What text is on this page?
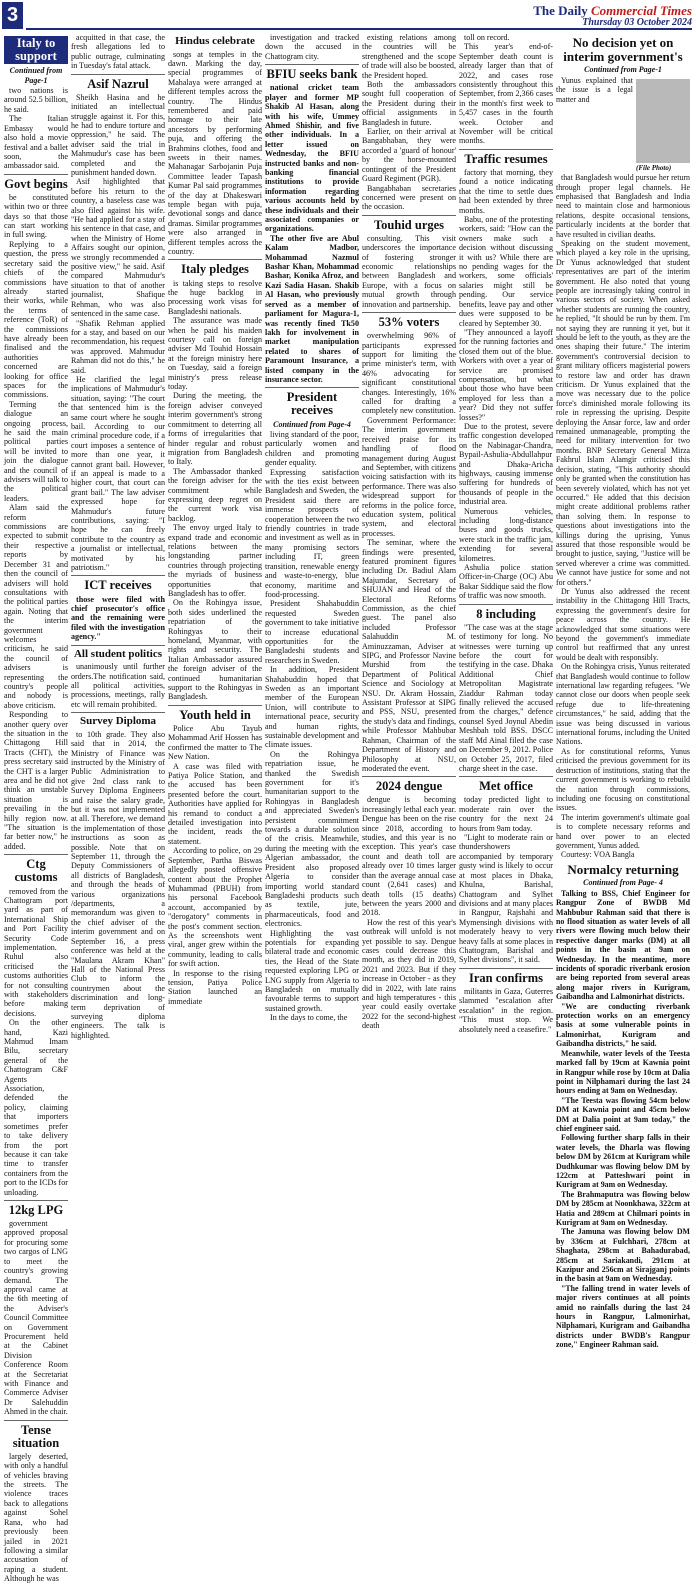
3	The Daily Commercial Times
Thursday 03 October 2024
Italy to support
Continued from Page-1

two nations is around 52.5 billion, he said.

The Italian Embassy would also hold a movie festival and a ballet soon, the ambassador said.

Govt begins

be constituted within two or three days so that those can start working in full swing.

Replying to a question, the press secretary said the chiefs of the commissions have already started their works, while the terms of reference (ToR) of the commissions have already been finalised and the authorities concerned are looking for office spaces for the commissions.

Terming the dialogue an ongoing process, he said the main political parties will be invited to join the dialogue and the council of advisers will talk to the political leaders.

Alam said the reform commissions are expected to submit their respective reports by December 31 and then the council of advisers will hold consultations with the political parties again. Noting that the interim government welcomes criticism, he said the council of advisers is representing the country's people and nobody is above criticism.

Responding to another query over the situation in the Chittagong Hill Tracts (CHT), the press secretary said the CHT is a larger area and he did not think an unstable situation is prevailing in the hilly region now. "The situation is far better now," he added.

Ctg customs

removed from the Chattogram port yard as part of International Ship and Port Facility Security Code implementation. Ruhul also criticised the customs authorities for not consulting with stakeholders before making decisions.

On the other hand, Kazi Mahmud Imam Bilu, secretary general of the Chattogram C&F Agents Association, defended the policy, claiming that importers sometimes prefer to take delivery from the port because it can take time to transfer containers from the port to the ICDs for unloading.

12kg LPG

government approved proposal for procuring some two cargos of LNG to meet the country's growing demand. The approval came at the 6th meeting of the Adviser's Council Committee on Government Procurement held at the Cabinet Division Conference Room at the Secretariat with Finance and Commerce Adviser Dr Salehuddin Ahmed in the chair.

Tense situation

largely deserted, with only a handful of vehicles braving the streets. The violence traces back to allegations against Sohel Rana, who had previously been jailed in 2021 following a similar accusation of raping a student. Although he was

acquitted in that case, the fresh allegations led to public outrage, culminating in Tuesday's fatal attack.

Asif Nazrul

Sheikh Hasina and he initiated an intellectual struggle against it. For this, he had to endure torture and oppression," he said. The adviser said the trial in Mahmudur's case has been completed and the punishment handed down.

Asif highlighted that before his return to the country, a baseless case was also filed against his wife. "He had applied for a stay of his sentence in that case, and when the Ministry of Home Affairs sought our opinion, we strongly recommended a positive view," he said. Asif compared Mahmudur's situation to that of another journalist, Shafique Rehman, who was also sentenced in the same case.

"Shafik Rehman applied for a stay, and based on our recommendation, his request was approved. Mahmudur Rahman did not do this," he said.

He clarified the legal implications of Mahmudur's situation, saying: "The court that sentenced him is the same court where he sought bail. According to our criminal procedure code, if a court imposes a sentence of more than one year, it cannot grant bail. However, if an appeal is made to a higher court, that court can grant bail." The law adviser expressed hope for Mahmudur's future contributions, saying: "I hope he can freely contribute to the country as a journalist or intellectual, motivated by his patriotism."

ICT receives

those were filed with chief prosecutor's office and the remaining were filed with the investigation agency."

All student politics

unanimously until further orders.The notification said, all political activities, processions, meetings, rally etc will remain prohibited.

Survey Diploma

to 10th grade. They also said that in 2014, the Ministry of Finance was instructed by the Ministry of Public Administration to give 2nd class rank to Survey Diploma Engineers and raise the salary grade, but it was not implemented at all. Therefore, we demand the implementation of those instructions as soon as possible. Note that on September 11, through the Deputy Commissioners of all districts of Bangladesh, and through the heads of various organizations /departments, a memorandum was given to the chief adviser of the interim government and on September 16, a press conference was held at the "Maulana Akram Khan" Hall of the National Press Club to inform the countrymen about the discrimination and long-term deprivation of surveying diploma engineers. The talk is highlighted.

Hindus celebrate

songs at temples in the dawn. Marking the day, special programmes of Mahalaya were arranged at different temples across the country. The Hindus remembered and paid homage to their late ancestors by performing puja, and offering the Brahmins clothes, food and sweets in their names. Mahanagar Sarbojanin Puja Committee leader Tapash Kumar Pal said programmes of the day at Dhakeswari temple began with puja, devotional songs and dance dramas. Similar programmes were also arranged in different temples across the country.

Italy pledges

is taking steps to resolve the huge backlog in processing work visas for Bangladeshi nationals.

The assurance was made when he paid his maiden courtesy call on foreign adviser Md Touhid Hossain at the foreign ministry here on Tuesday, said a foreign ministry's press release today.

During the meeting, the foreign adviser conveyed interim government's strong commitment to deterring all forms of irregularities that hinder regular and robust migration from Bangladesh to Italy.

The Ambassador thanked the foreign adviser for the commitment while expressing deep regret on the current work visa backlog.

The envoy urged Italy to expand trade and economic relations between the longstanding partner countries through projecting the myriads of business opportunities that Bangladesh has to offer.

On the Rohingya issue, both sides underlined the repatriation of the Rohingyas to their homeland, Myanmar, with rights and security. The Italian Ambassador assured the foreign adviser of the continued humanitarian support to the Rohingyas in Bangladesh.

Youth held in

Police Abu Tayub Mohammad Arif Hossen has confirmed the matter to The New Nation.

A case was filed with Patiya Police Station, and the accused has been presented before the court. Authorities have applied for his remand to conduct a detailed investigation into the incident, reads the statement.

According to police, on 29 September, Partha Biswas allegedly posted offensive content about the Prophet Muhammad (PBUH) from his personal Facebook account, accompanied by "derogatory" comments in the post's comment section. As the screenshots went viral, anger grew within the community, leading to calls for swift action.

In response to the rising tension, Patiya Police Station launched an immediate

investigation and tracked down the accused in Chattogram city.

BFIU seeks bank

national cricket team player and former MP Shakib Al Hasan, along with his wife, Ummey Ahmed Shishir, and five other individuals. In a letter issued on Wednesday, the BFIU instructed banks and non-banking financial institutions to provide information regarding various accounts held by these individuals and their associated companies or organizations.

The other five are Abul Kalam Madbor, Mohammad Nazmul Bashar Khan, Mohammad Bashar, Konika Afroz, and Kazi Sadia Hasan. Shakib Al Hasan, who previously served as a member of parliament for Magura-1, was recently fined Tk50 lakh for involvement in market manipulation related to shares of Paramount Insurance, a listed company in the insurance sector.

President receives
Continued from Page-4

living standard of the poor, particularly women and children and promoting gender equality.

Expressing satisfaction with the ties exist between Bangladesh and Sweden, the President said there are immense prospects of cooperation between the two friendly countries in trade and investment as well as in many promising sectors including IT, green transition, renewable energy and waste-to-energy, blue economy, maritime and food-processing.

President Shahabuddin requested Sweden government to take initiative to increase educational opportunities for the Bangladeshi students and researchers in Sweden.

In addition, President Shahabuddin hoped that Sweden as an important member of the European Union, will contribute to international peace, security and human rights, sustainable development and climate issues.

On the Rohingya repatriation issue, he thanked the Swedish government for it's humanitarian support to the Rohingyas in Bangladesh and appreciated Sweden's persistent commitment towards a durable solution of the crisis. Meanwhile, during the meeting with the Algerian ambassador, the President also proposed Algeria to consider importing world standard Bangladeshi products such as textile, jute, pharmaceuticals, food and electronics.

Highlighting the vast potentials for expanding bilateral trade and economic ties, the Head of the State requested exploring LPG or LNG supply from Algeria to Bangladesh on mutually favourable terms to support sustained growth.

In the days to come, the

existing relations among the countries will be strengthened and the scope of trade will also be boosted, the President hoped.

Both the ambassadors sought full cooperation of the President during their official assignments in Bangladesh in future.

Earlier, on their arrival at Bangabhaban, they were accorded a 'guard of honour' by the horse-mounted contingent of the President Guard Regiment (PGR).

Bangabhaban secretaries concerned were present on the occasion.

Touhid urges

consulting. This visit underscores the importance of fostering stronger economic relationships between Bangladesh and Europe, with a focus on mutual growth through innovation and partnership.

53% voters

overwhelming 96% of participants expressed support for limiting the prime minister's term, with 46% advocating for significant constitutional changes. Interestingly, 16% called for drafting a completely new constitution.

Government Performance: The interim government received praise for its handling of flood management during August and September, with citizens voicing satisfaction with its performance. There was also widespread support for reforms in the police force, education system, political system, and electoral processes.

The seminar, where the findings were presented, featured prominent figures including Dr. Badiul Alam Majumdar, Secretary of SHUJAN and Head of the Electoral Reforms Commission, as the chief guest. The panel also included Professor Salahuddin M. Aminuzzaman, Adviser at SIPG, and Professor Navine Murshid from the Department of Political Science and Sociology at NSU. Dr. Akram Hossain, Assistant Professor at SIPG and PSS, NSU, presented the study's data and findings, while Professor Mahbubar Rahman, Chairman of the Department of History and Philosophy at NSU, moderated the event.

2024 dengue

dengue is becoming increasingly lethal each year. Dengue has been on the rise since 2018, according to studies, and this year is no exception. This year's case count and death toll are already over 10 times larger than the average annual case count (2,641 cases) and death tolls (15 deaths) between the years 2000 and 2018.

How the rest of this year's outbreak will unfold is not yet possible to say. Dengue cases could decrease this month, as they did in 2019, 2021 and 2023. But if they increase in October - as they did in 2022, with late rains and high temperatures - this year could easily overtake 2022 for the second-highest death

toll on record.

This year's end-of-September death count is already larger than that of 2022, and cases rose consistently throughout this September, from 2,366 cases in the month's first week to 5,457 cases in the fourth week. October and November will be critical months.

Traffic resumes

factory that morning, they found a notice indicating that the time to settle dues had been extended by three months.

Babu, one of the protesting workers, said: "How can the owners make such a decision without discussing it with us? While there are no pending wages for the workers, some officials' salaries might still be pending. Our service benefits, leave pay and other dues were supposed to be cleared by September 30.

"They announced a layoff for the running factories and closed them out of the blue. Workers with over a year of service are promised compensation, but what about those who have been employed for less than a year? Did they not suffer losses?"

Due to the protest, severe traffic congestion developed on the Nabinagar-Chandra, Bypail-Ashulia-Abdullahpur and Dhaka-Aricha highways, causing immense suffering for hundreds of thousands of people in the industrial area.

Numerous vehicles, including long-distance buses and goods trucks, were stuck in the traffic jam, extending for several kilometres.

Ashulia police station Officer-in-Charge (OC) Abu Bakar Siddique said the flow of traffic was now smooth.

8 including

"The case was at the stage of testimony for long. No witnesses were turning up before the court for testifying in the case. Dhaka Additional Chief Metropolitan Magistrate Ziaddur Rahman today finally relieved the accused from the charges," defence counsel Syed Joynul Abedin Meshbah told BSS. DSCC staff Md Ainal filed the case on December 9, 2012. Police on October 25, 2017, filed charge sheet in the case.

Met office

today predicted light to moderate rain over the country for the next 24 hours from 9am today.

"Light to moderate rain or thundershowers accompanied by temporary gusty wind is likely to occur at most places in Dhaka, Khulna, Barishal, Chattogram and Sylhet divisions and at many places in Rangpur, Rajshahi and Mymensingh divisions with moderately heavy to very heavy falls at some places in Chattogram, Barishal and Sylhet divisions", it said.

Iran confirms

militants in Gaza, Guterres slammed "escalation after escalation" in the region. "This must stop. We absolutely need a ceasefire."

No decision yet on interim government's
Continued from Page-1

Yunus explained that the issue is a legal matter and

(File Photo)

that Bangladesh would pursue her return through proper legal channels. He emphasised that Bangladesh and India need to maintain close and harmonious relations, despite occasional tensions, particularly incidents at the border that have resulted in civilian deaths.

Speaking on the student movement, which played a key role in the uprising, Dr Yunus acknowledged that student representatives are part of the interim government. He also noted that young people are increasingly taking control in various sectors of society. When asked whether students are running the country, he replied, "It should be run by them. I'm not saying they are running it yet, but it should be left to the youth, as they are the ones shaping their future." The interim government's controversial decision to grant military officers magisterial powers to restore law and order has drawn criticism. Dr Yunus explained that the move was necessary due to the police force's diminished morale following its role in repressing the uprising. Despite deploying the Ansar force, law and order remained unmanageable, prompting the need for military intervention for two months. BNP Secretary General Mirza Fakhrul Islam Alamgir criticised this decision, stating, "This authority should only be granted when the constitution has been severely violated, which has not yet occurred." He added that this decision might create additional problems rather than solving them. In response to questions about investigations into the killings during the uprising, Yunus assured that those responsible would be brought to justice, saying, "Justice will be served wherever a crime was committed. We cannot have justice for some and not for others."

Dr Yunus also addressed the recent instability in the Chittagong Hill Tracts, expressing the government's desire for peace across the country. He acknowledged that some situations were beyond the government's immediate control but reaffirmed that any unrest would be dealt with responsibly.

On the Rohingya crisis, Yunus reiterated that Bangladesh would continue to follow international law regarding refugees. "We cannot close our doors when people seek refuge due to life-threatening circumstances," he said, adding that the issue was being discussed in various international forums, including the United Nations.

As for constitutional reforms, Yunus criticised the previous government for its destruction of institutions, stating that the current government is working to rebuild the nation through commissions, including one focusing on constitutional issues.

The interim government's ultimate goal is to complete necessary reforms and hand over power to an elected government, Yunus added.

Courtesy: VOA Bangla

Normalcy returning
Continued from Page- 4

Talking to BSS, Chief Engineer for Rangpur Zone of BWDB Md Mahbubur Rahman said that there is no flood situation as water levels of all rivers were flowing much below their respective danger marks (DM) at all points in the basin at 9am on Wednesday. In the meantime, more incidents of sporadic riverbank erosion are being reported from several areas along major rivers in Kurigram, Gaibandha and Lalmonirhat districts.

"We are conducting riverbank protection works on an emergency basis at some vulnerable points in Lalmonirhat, Kurigram and Gaibandha districts," he said.

Meanwhile, water levels of the Teesta marked fall by 19cm at Kawnia point in Rangpur while rose by 10cm at Dalia point in Nilphamari during the last 24 hours ending at 9am on Wednesday.

"The Teesta was flowing 54cm below DM at Kawnia point and 45cm below DM at Dalia point at 9am today," the chief engineer said.

Following further sharp falls in their water levels, the Dharla was flowing below DM by 261cm at Kurigram while Dudhkumar was flowing below DM by 122cm at Patteshwari point in Kurigram at 9am on Wednesday.

The Brahmaputra was flowing below DM by 285cm at Noonkhawa, 322cm at Hatia and 289cm at Chilmari points in Kurigram at 9am on Wednesday.

The Jamuna was flowing below DM by 336cm at Fulchhari, 278cm at Shaghata, 298cm at Bahadurabad, 285cm at Sariakandi, 291cm at Kazipur and 256cm at Sirajganj points in the basin at 9am on Wednesday.

"The falling trend in water levels of major rivers continues at all points amid no rainfalls during the last 24 hours in Rangpur, Lalmonirhat, Nilphamari, Kurigram and Gaibandha districts under BWDB's Rangpur zone," Engineer Rahman said.
